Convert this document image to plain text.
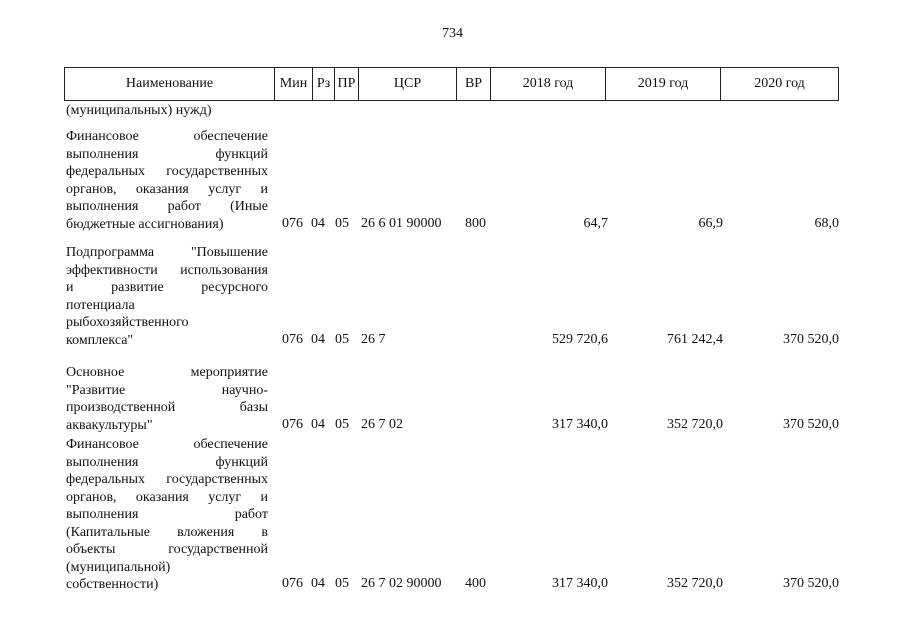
734
Наименование	Мин Рз ПР	ЦСР	ВР	2018 год	2019 год	2020 год
(муниципальных) нужд)
Финансовое обеспечение
выполнения функций
федеральных государственных
органов, оказания услуг и
выполнения работ (Иные
бюджетные ассигнования)	076 04 05 26 6 01 90000 800	64,7	66,9	68,0
Подпрограмма "Повышение
эффективности использования
и развитие ресурсного
потенциала
рыбохозяйственного
комплекса"	076 04 05 26 7	529 720,6	761 242,4	370 520,0
Основное мероприятие
"Развитие научно-
производственной базы
аквакультуры"	076 04 05 26 7 02	317 340,0	352 720,0	370 520,0
Финансовое обеспечение
выполнения функций
федеральных государственных
органов, оказания услуг и
выполнения работ
(Капитальные вложения в
объекты государственной
(муниципальной)
собственности)	076 04 05 26 7 02 90000 400	317 340,0	352 720,0	370 520,0
